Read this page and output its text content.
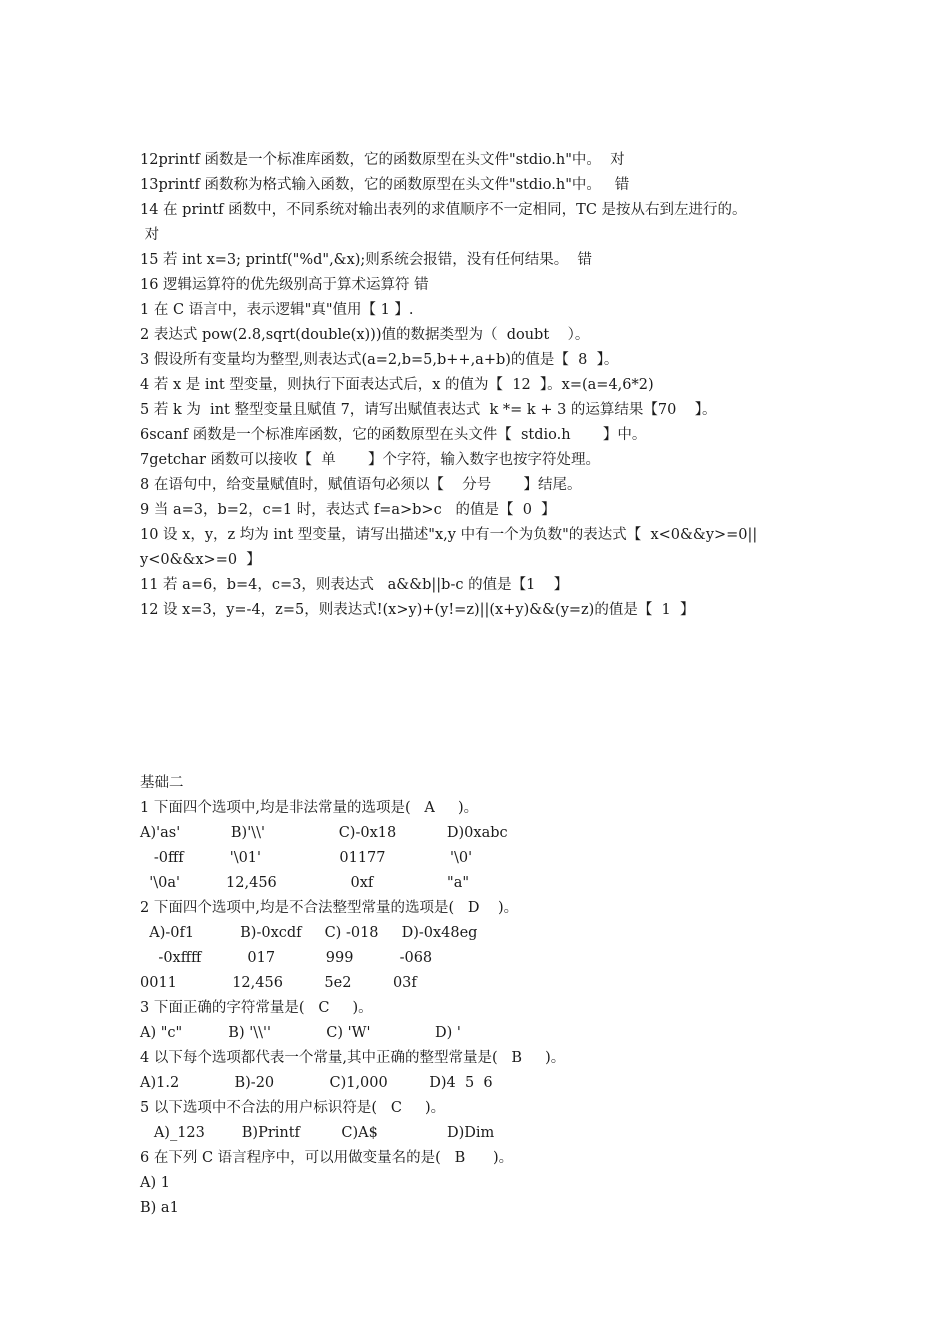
12printf 函数是一个标准库函数，它的函数原型在头文件"stdio.h"中。  对
13printf 函数称为格式输入函数，它的函数原型在头文件"stdio.h"中。   错
14 在 printf 函数中，不同系统对输出表列的求值顺序不一定相同，TC 是按从右到左进行的。
对
15 若 int x=3; printf("%d",&x);则系统会报错，没有任何结果。  错
16 逻辑运算符的优先级别高于算术运算符 错
1 在 C 语言中，表示逻辑"真"值用【 1 】.
2 表达式 pow(2.8,sqrt(double(x)))值的数据类型为（  doubt    ）。
3 假设所有变量均为整型,则表达式(a=2,b=5,b++,a+b)的值是【  8  】。
4 若 x 是 int 型变量，则执行下面表达式后，x 的值为【  12  】。x=(a=4,6*2)
5 若 k 为  int 整型变量且赋值 7，请写出赋值表达式  k *= k + 3 的运算结果【70    】。
6scanf 函数是一个标准库函数，它的函数原型在头文件【  stdio.h       】中。
7getchar 函数可以接收【  单       】个字符，输入数字也按字符处理。
8 在语句中，给变量赋值时，赋值语句必须以【    分号       】结尾。
9 当 a=3，b=2，c=1 时，表达式 f=a>b>c   的值是【  0  】
10 设 x，y，z 均为 int 型变量，请写出描述"x,y 中有一个为负数"的表达式【  x<0&&y>=0||
y<0&&x>=0  】
11 若 a=6，b=4，c=3，则表达式   a&&b||b-c 的值是【1    】
12 设 x=3，y=-4，z=5，则表达式!(x>y)+(y!=z)||(x+y)&&(y=z)的值是【  1  】
基础二
1 下面四个选项中,均是非法常量的选项是(   A     )。
A)'as'           B)'\\'                C)-0x18           D)0xabc
-0fff          '\01'                 01177              '\0'
'\0a'          12,456                0xf                "a"
2 下面四个选项中,均是不合法整型常量的选项是(   D    )。
A)-0f1          B)-0xcdf     C) -018     D)-0x48eg
-0xffff          017           999          -068
0011            12,456         5e2         03f
3 下面正确的字符常量是(   C     )。
A) "c"          B) '\\''            C) 'W'              D) '
4 以下每个选项都代表一个常量,其中正确的整型常量是(   B     )。
A)1.2            B)-20            C)1,000         D)4  5  6
5 以下选项中不合法的用户标识符是(   C     )。
A)_123        B)Printf         C)A$               D)Dim
6 在下列 C 语言程序中，可以用做变量名的是(   B      )。
A) 1
B) a1
